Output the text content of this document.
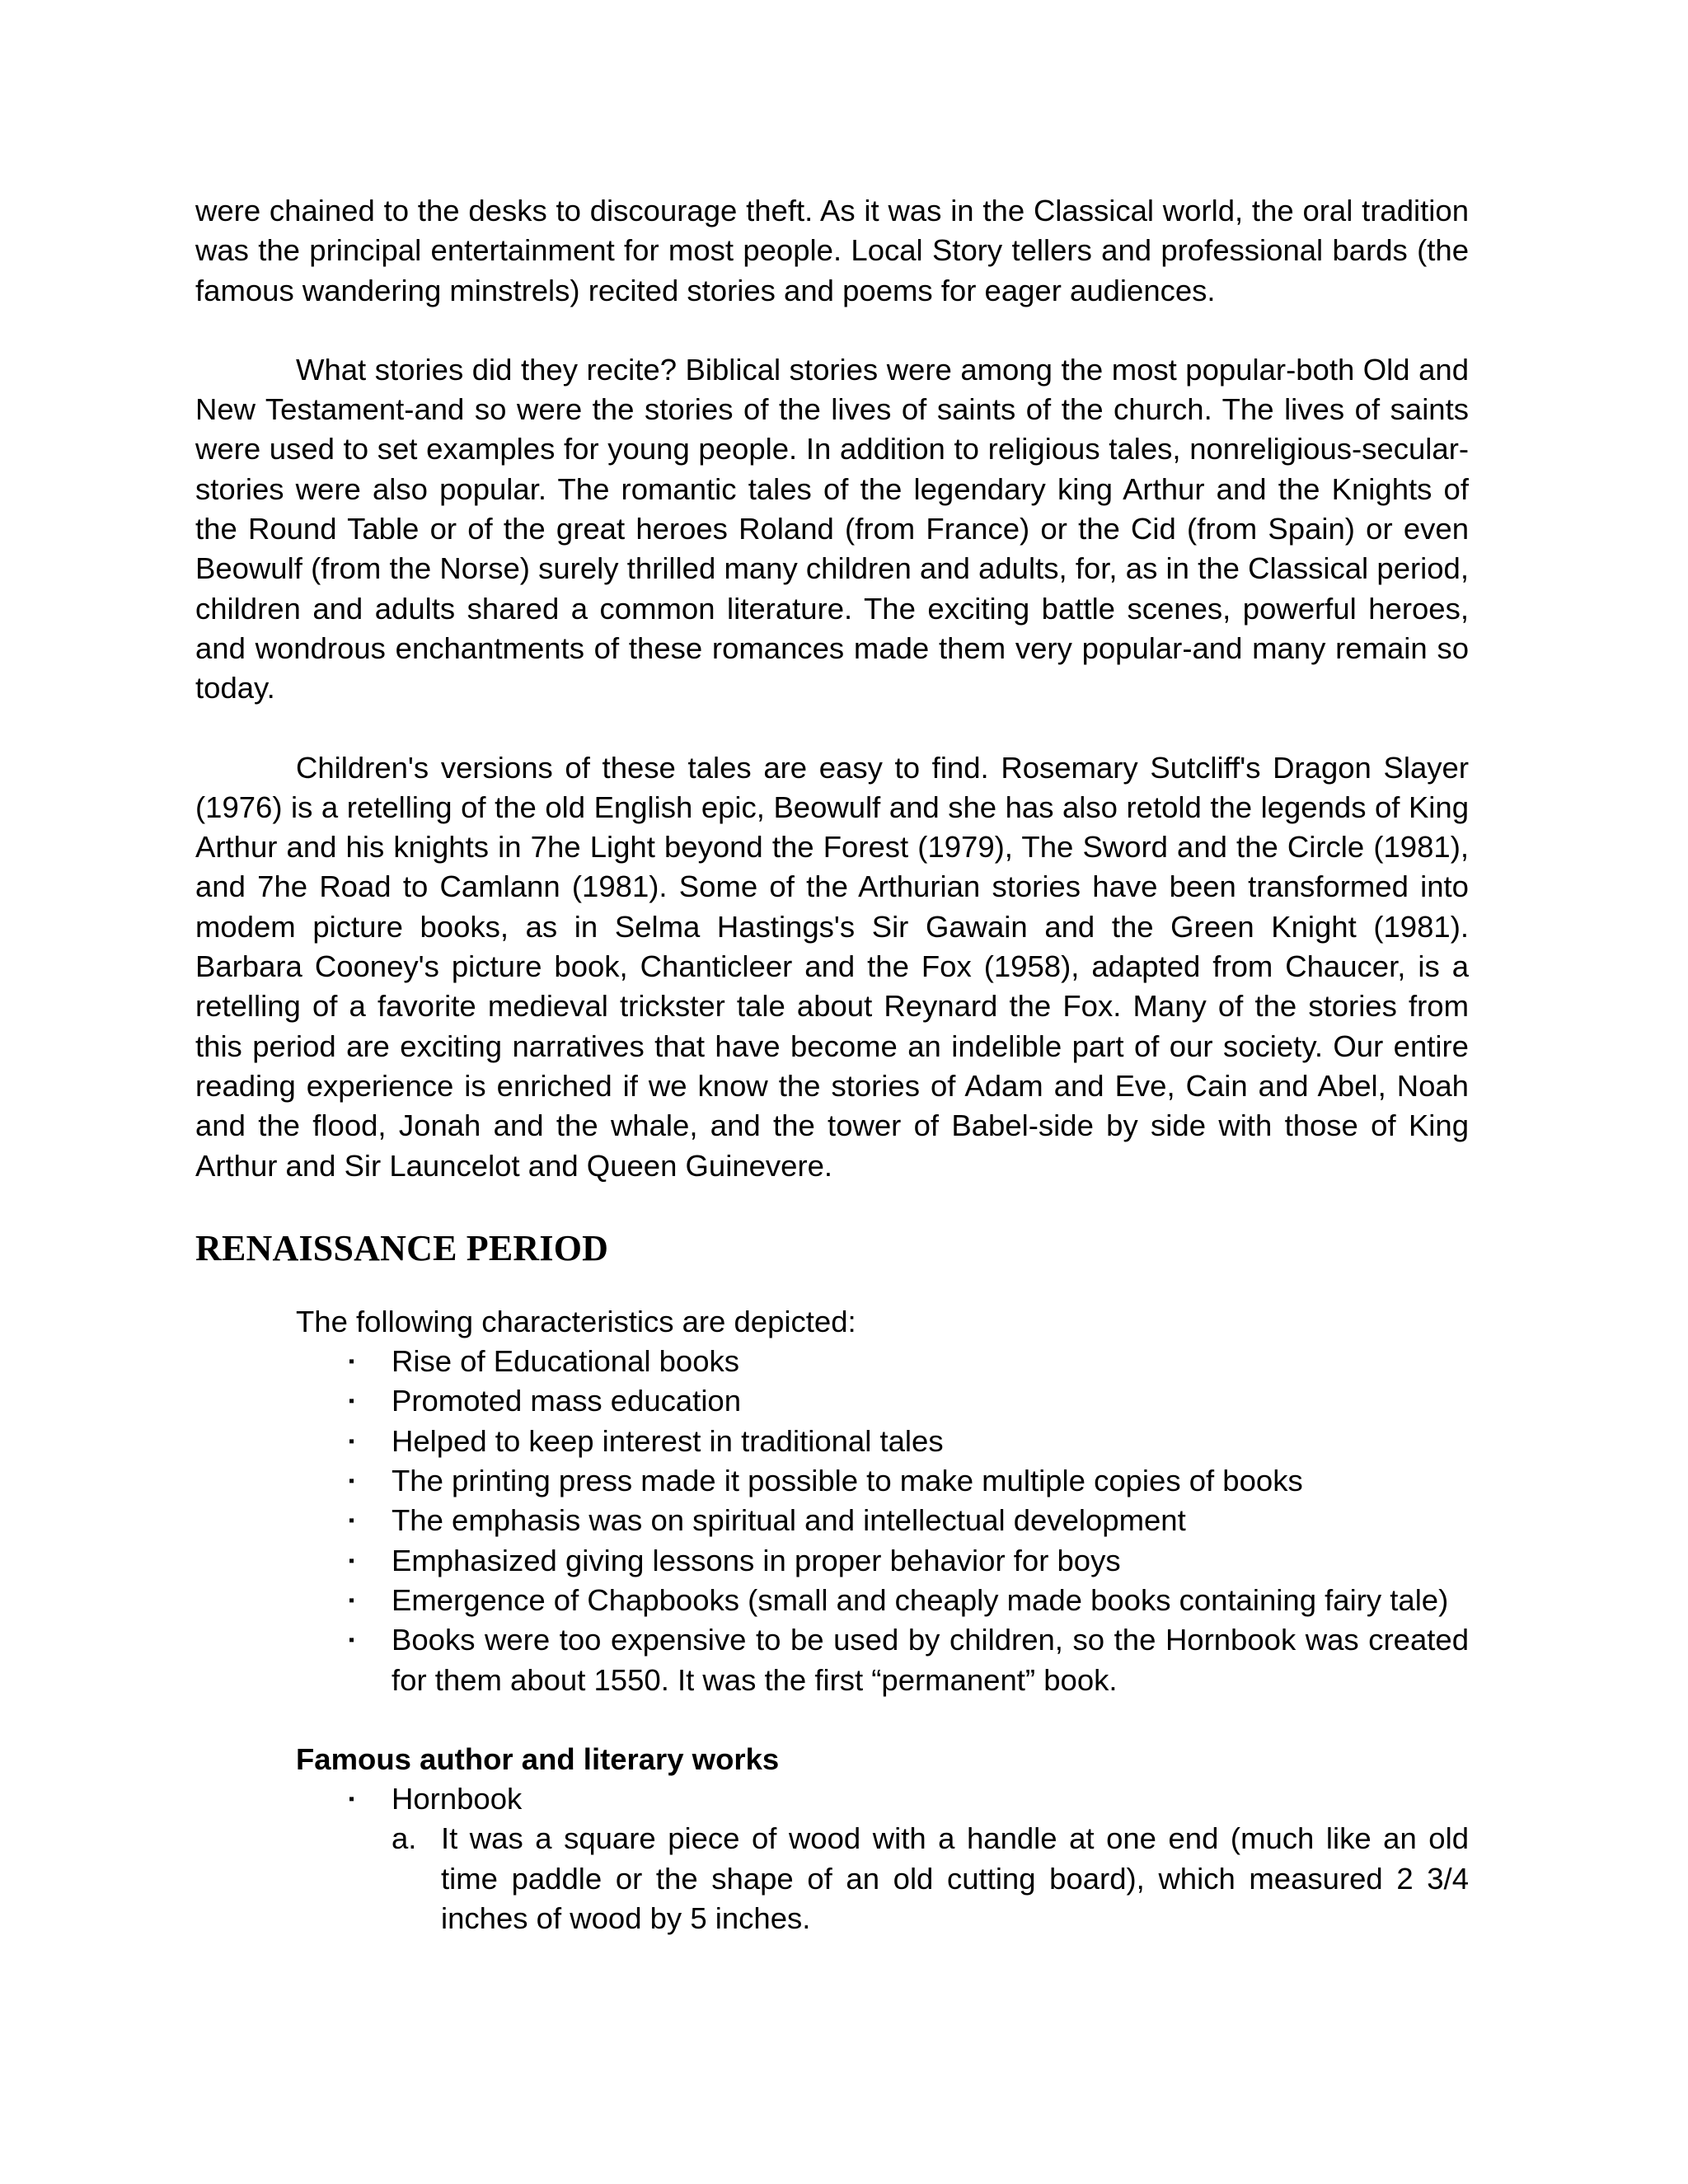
were chained to the desks to discourage theft. As it was in the Classical world, the oral tradition was the principal entertainment for most people. Local Story tellers and professional bards (the famous wandering minstrels) recited stories and poems for eager audiences.

What stories did they recite? Biblical stories were among the most popular-both Old and New Testament-and so were the stories of the lives of saints of the church. The lives of saints were used to set examples for young people. In addition to religious tales, nonreligious-secular-stories were also popular. The romantic tales of the legendary king Arthur and the Knights of the Round Table or of the great heroes Roland (from France) or the Cid (from Spain) or even Beowulf (from the Norse) surely thrilled many children and adults, for, as in the Classical period, children and adults shared a common literature. The exciting battle scenes, powerful heroes, and wondrous enchantments of these romances made them very popular-and many remain so today.

Children's versions of these tales are easy to find. Rosemary Sutcliff's Dragon Slayer (1976) is a retelling of the old English epic, Beowulf and she has also retold the legends of King Arthur and his knights in 7he Light beyond the Forest (1979), The Sword and the Circle (1981), and 7he Road to Camlann (1981). Some of the Arthurian stories have been transformed into modem picture books, as in Selma Hastings's Sir Gawain and the Green Knight (1981). Barbara Cooney's picture book, Chanticleer and the Fox (1958), adapted from Chaucer, is a retelling of a favorite medieval trickster tale about Reynard the Fox. Many of the stories from this period are exciting narratives that have become an indelible part of our society. Our entire reading experience is enriched if we know the stories of Adam and Eve, Cain and Abel, Noah and the flood, Jonah and the whale, and the tower of Babel-side by side with those of King Arthur and Sir Launcelot and Queen Guinevere.

RENAISSANCE PERIOD

The following characteristics are depicted:

▪ Rise of Educational books
▪ Promoted mass education
▪ Helped to keep interest in traditional tales
▪ The printing press made it possible to make multiple copies of books
▪ The emphasis was on spiritual and intellectual development
▪ Emphasized giving lessons in proper behavior for boys
▪ Emergence of Chapbooks (small and cheaply made books containing fairy tale)
▪ Books were too expensive to be used by children, so the Hornbook was created for them about 1550. It was the first “permanent” book.

Famous author and literary works

▪ Hornbook
a. It was a square piece of wood with a handle at one end (much like an old time paddle or the shape of an old cutting board), which measured 2 3/4 inches of wood by 5 inches.
